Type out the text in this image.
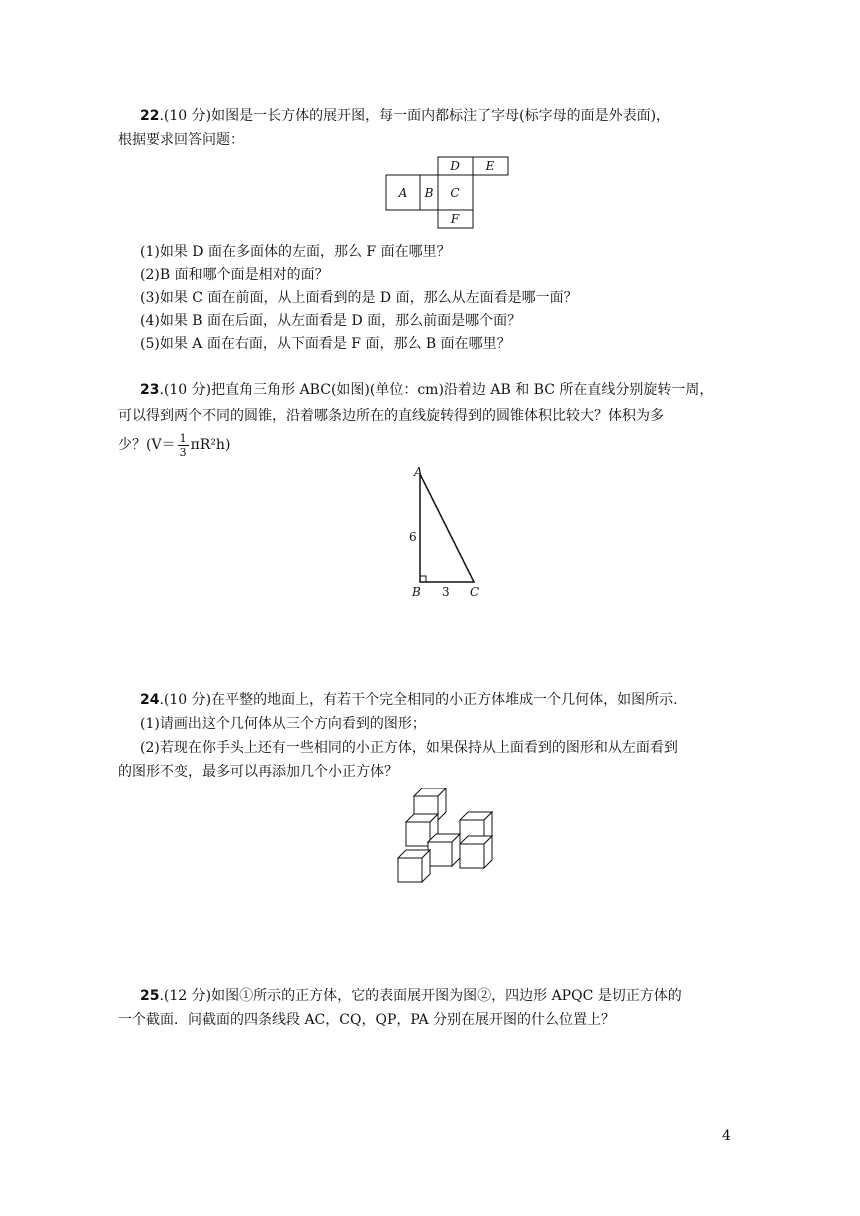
22.(10 分)如图是一长方体的展开图，每一面内都标注了字母(标字母的面是外表面)，
根据要求回答问题：
D E
A B C
F
(1)如果 D 面在多面体的左面，那么 F 面在哪里？
(2)B 面和哪个面是相对的面？
(3)如果 C 面在前面，从上面看到的是 D 面，那么从左面看是哪一面？
(4)如果 B 面在后面，从左面看是 D 面，那么前面是哪个面？
(5)如果 A 面在右面，从下面看是 F 面，那么 B 面在哪里？
23.(10 分)把直角三角形 ABC(如图)(单位：cm)沿着边 AB 和 BC 所在直线分别旋转一周，
可以得到两个不同的圆锥，沿着哪条边所在的直线旋转得到的圆锥体积比较大？体积为多
少？$(V= \frac{1}{3} \pi R^2h)$
A
B	C
6
3
24.(10 分)在平整的地面上，有若干个完全相同的小正方体堆成一个几何体，如图所示.
(1)请画出这个几何体从三个方向看到的图形；
(2)若现在你手头上还有一些相同的小正方体，如果保持从上面看到的图形和从左面看到
的图形不变，最多可以再添加几个小正方体？
25.(12 分)如图①所示的正方体，它的表面展开图为图②，四边形 APQC 是切正方体的
一个截面．问截面的四条线段 AC，CQ，QP，PA 分别在展开图的什么位置上？
4
